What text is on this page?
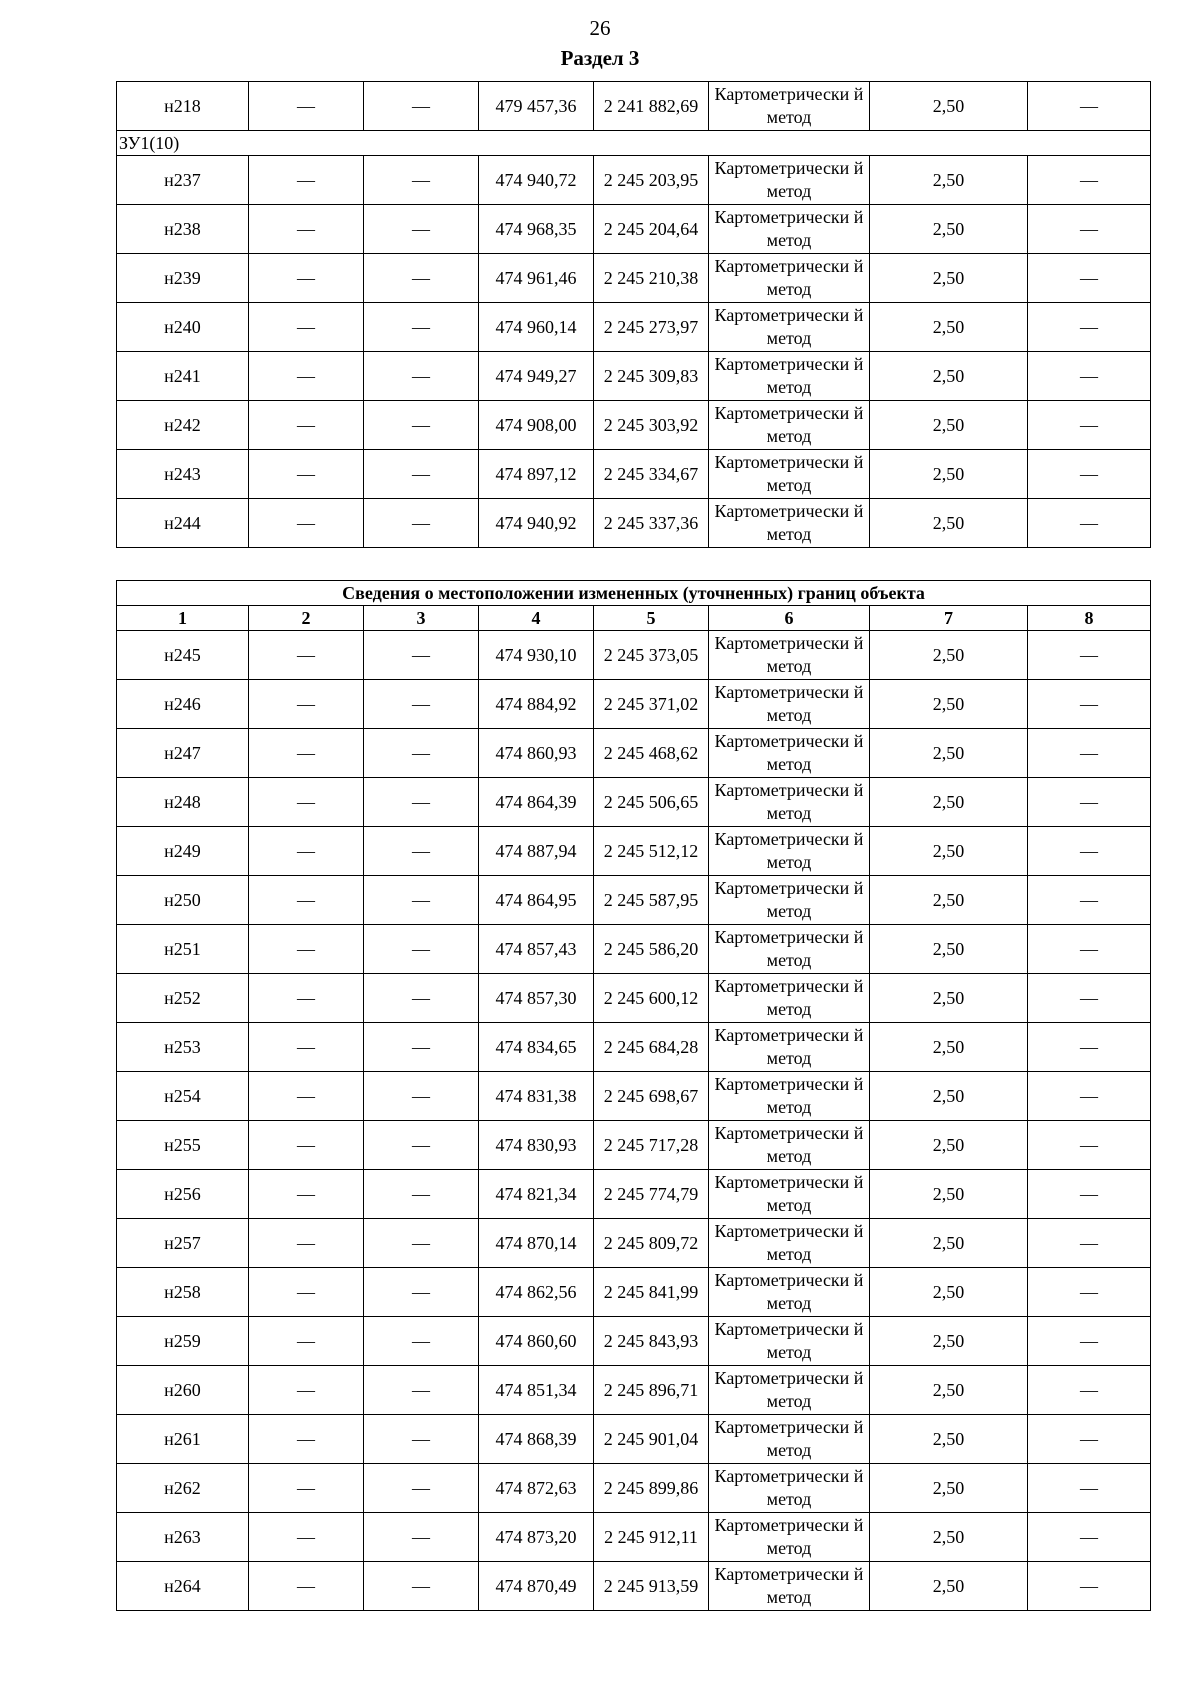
26
Раздел 3
н218	—	—	479 457,36	2 241 882,69	Картометрически й метод	2,50	—
ЗУ1(10)							
н237	—	—	474 940,72	2 245 203,95	Картометрически й метод	2,50	—
н238	—	—	474 968,35	2 245 204,64	Картометрически й метод	2,50	—
н239	—	—	474 961,46	2 245 210,38	Картометрически й метод	2,50	—
н240	—	—	474 960,14	2 245 273,97	Картометрически й метод	2,50	—
н241	—	—	474 949,27	2 245 309,83	Картометрически й метод	2,50	—
н242	—	—	474 908,00	2 245 303,92	Картометрически й метод	2,50	—
н243	—	—	474 897,12	2 245 334,67	Картометрически й метод	2,50	—
н244	—	—	474 940,92	2 245 337,36	Картометрически й метод	2,50	—
Сведения о местоположении измененных (уточненных) границ объекта							
1	2	3	4	5	6	7	8
н245	—	—	474 930,10	2 245 373,05	Картометрически й метод	2,50	—
н246	—	—	474 884,92	2 245 371,02	Картометрически й метод	2,50	—
н247	—	—	474 860,93	2 245 468,62	Картометрически й метод	2,50	—
н248	—	—	474 864,39	2 245 506,65	Картометрически й метод	2,50	—
н249	—	—	474 887,94	2 245 512,12	Картометрически й метод	2,50	—
н250	—	—	474 864,95	2 245 587,95	Картометрически й метод	2,50	—
н251	—	—	474 857,43	2 245 586,20	Картометрически й метод	2,50	—
н252	—	—	474 857,30	2 245 600,12	Картометрически й метод	2,50	—
н253	—	—	474 834,65	2 245 684,28	Картометрически й метод	2,50	—
н254	—	—	474 831,38	2 245 698,67	Картометрически й метод	2,50	—
н255	—	—	474 830,93	2 245 717,28	Картометрически й метод	2,50	—
н256	—	—	474 821,34	2 245 774,79	Картометрически й метод	2,50	—
н257	—	—	474 870,14	2 245 809,72	Картометрически й метод	2,50	—
н258	—	—	474 862,56	2 245 841,99	Картометрически й метод	2,50	—
н259	—	—	474 860,60	2 245 843,93	Картометрически й метод	2,50	—
н260	—	—	474 851,34	2 245 896,71	Картометрически й метод	2,50	—
н261	—	—	474 868,39	2 245 901,04	Картометрически й метод	2,50	—
н262	—	—	474 872,63	2 245 899,86	Картометрически й метод	2,50	—
н263	—	—	474 873,20	2 245 912,11	Картометрически й метод	2,50	—
н264	—	—	474 870,49	2 245 913,59	Картометрически й метод	2,50	—
